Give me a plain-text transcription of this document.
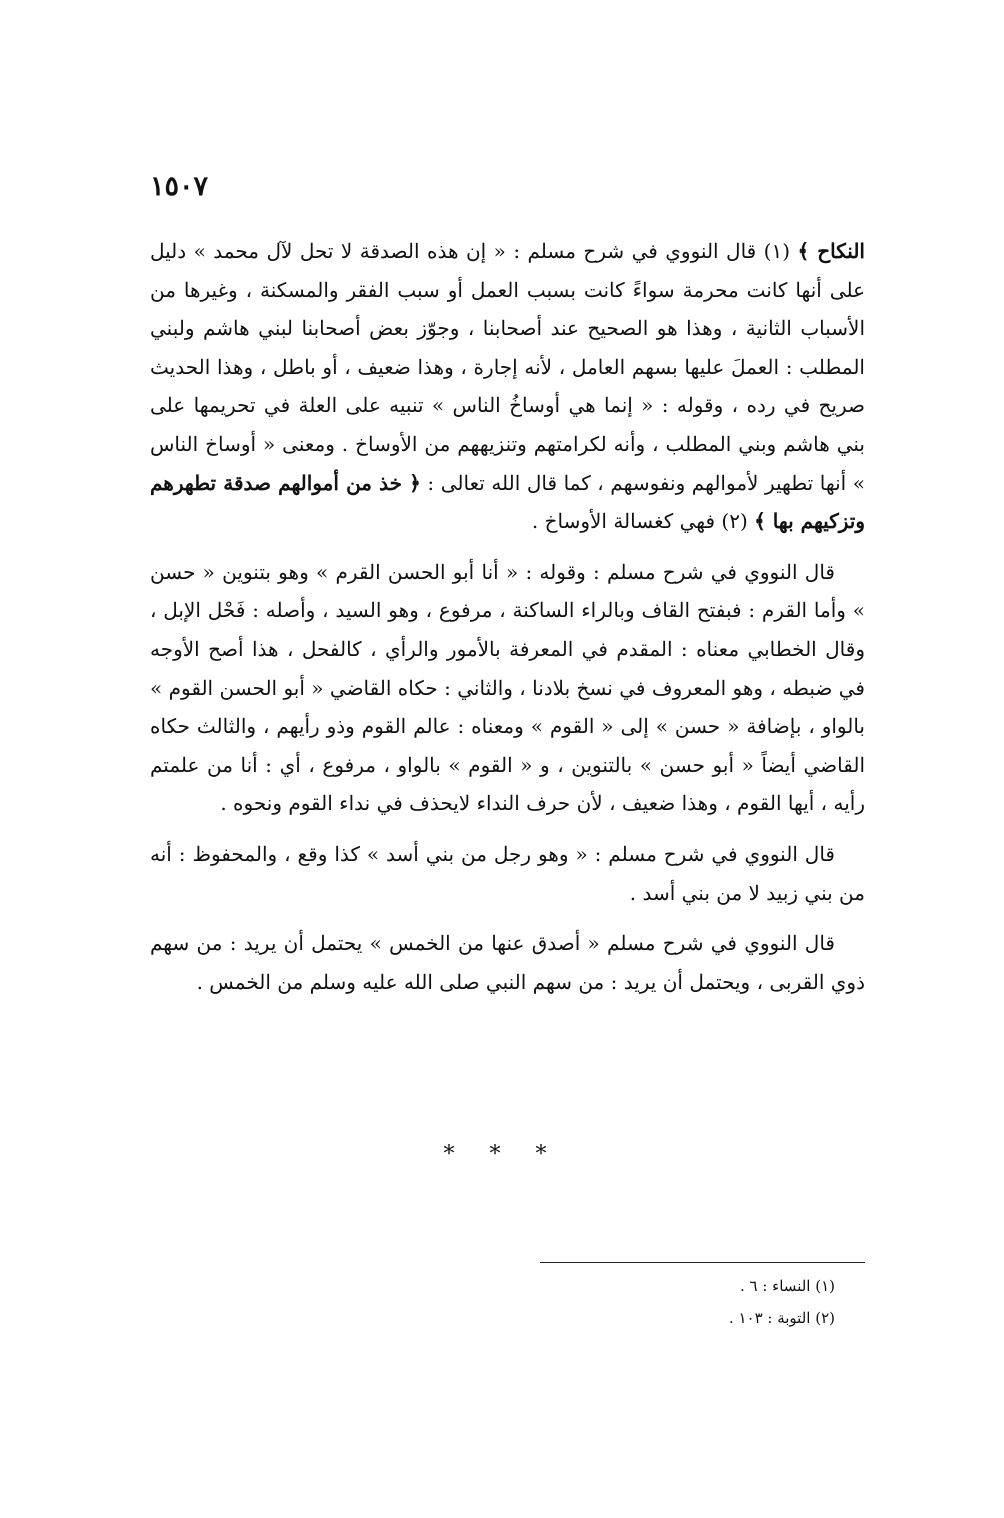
١٥٠٧

النكاح ﴾ (١) قال النووي في شرح مسلم : « إن هذه الصدقة لا تحل لآل محمد » دليل على أنها كانت محرمة سواءً كانت بسبب العمل أو سبب الفقر والمسكنة ، وغيرها من الأسباب الثانية ، وهذا هو الصحيح عند أصحابنا ، وجوّز بعض أصحابنا لبني هاشم ولبني المطلب : العملَ عليها بسهم العامل ، لأنه إجارة ، وهذا ضعيف ، أو باطل ، وهذا الحديث صريح في رده ، وقوله : « إنما هي أوساخُ الناس » تنبيه على العلة في تحريمها على بني هاشم وبني المطلب ، وأنه لكرامتهم وتنزيههم من الأوساخ . ومعنى « أوساخ الناس » أنها تطهير لأموالهم ونفوسهم ، كما قال الله تعالى : ﴿ خذ من أموالهم صدقة تطهرهم وتزكيهم بها ﴾ (٢) فهي كغسالة الأوساخ .

قال النووي في شرح مسلم : وقوله : « أنا أبو الحسن القرم » وهو بتنوين « حسن » وأما القرم : فبفتح القاف وبالراء الساكنة ، مرفوع ، وهو السيد ، وأصله : فَحْل الإبل ، وقال الخطابي معناه : المقدم في المعرفة بالأمور والرأي ، كالفحل ، هذا أصح الأوجه في ضبطه ، وهو المعروف في نسخ بلادنا ، والثاني : حكاه القاضي « أبو الحسن القوم » بالواو ، بإضافة « حسن » إلى « القوم » ومعناه : عالم القوم وذو رأيهم ، والثالث حكاه القاضي أيضاً « أبو حسن » بالتنوين ، و « القوم » بالواو ، مرفوع ، أي : أنا من علمتم رأيه ، أيها القوم ، وهذا ضعيف ، لأن حرف النداء لايحذف في نداء القوم ونحوه .

قال النووي في شرح مسلم : « وهو رجل من بني أسد » كذا وقع ، والمحفوظ : أنه من بني زبيد لا من بني أسد .

قال النووي في شرح مسلم « أصدق عنها من الخمس » يحتمل أن يريد : من سهم ذوي القربى ، ويحتمل أن يريد : من سهم النبي صلى الله عليه وسلم من الخمس .

* * *
(١) النساء : ٦ .
(٢) التوبة : ١٠٣ .
